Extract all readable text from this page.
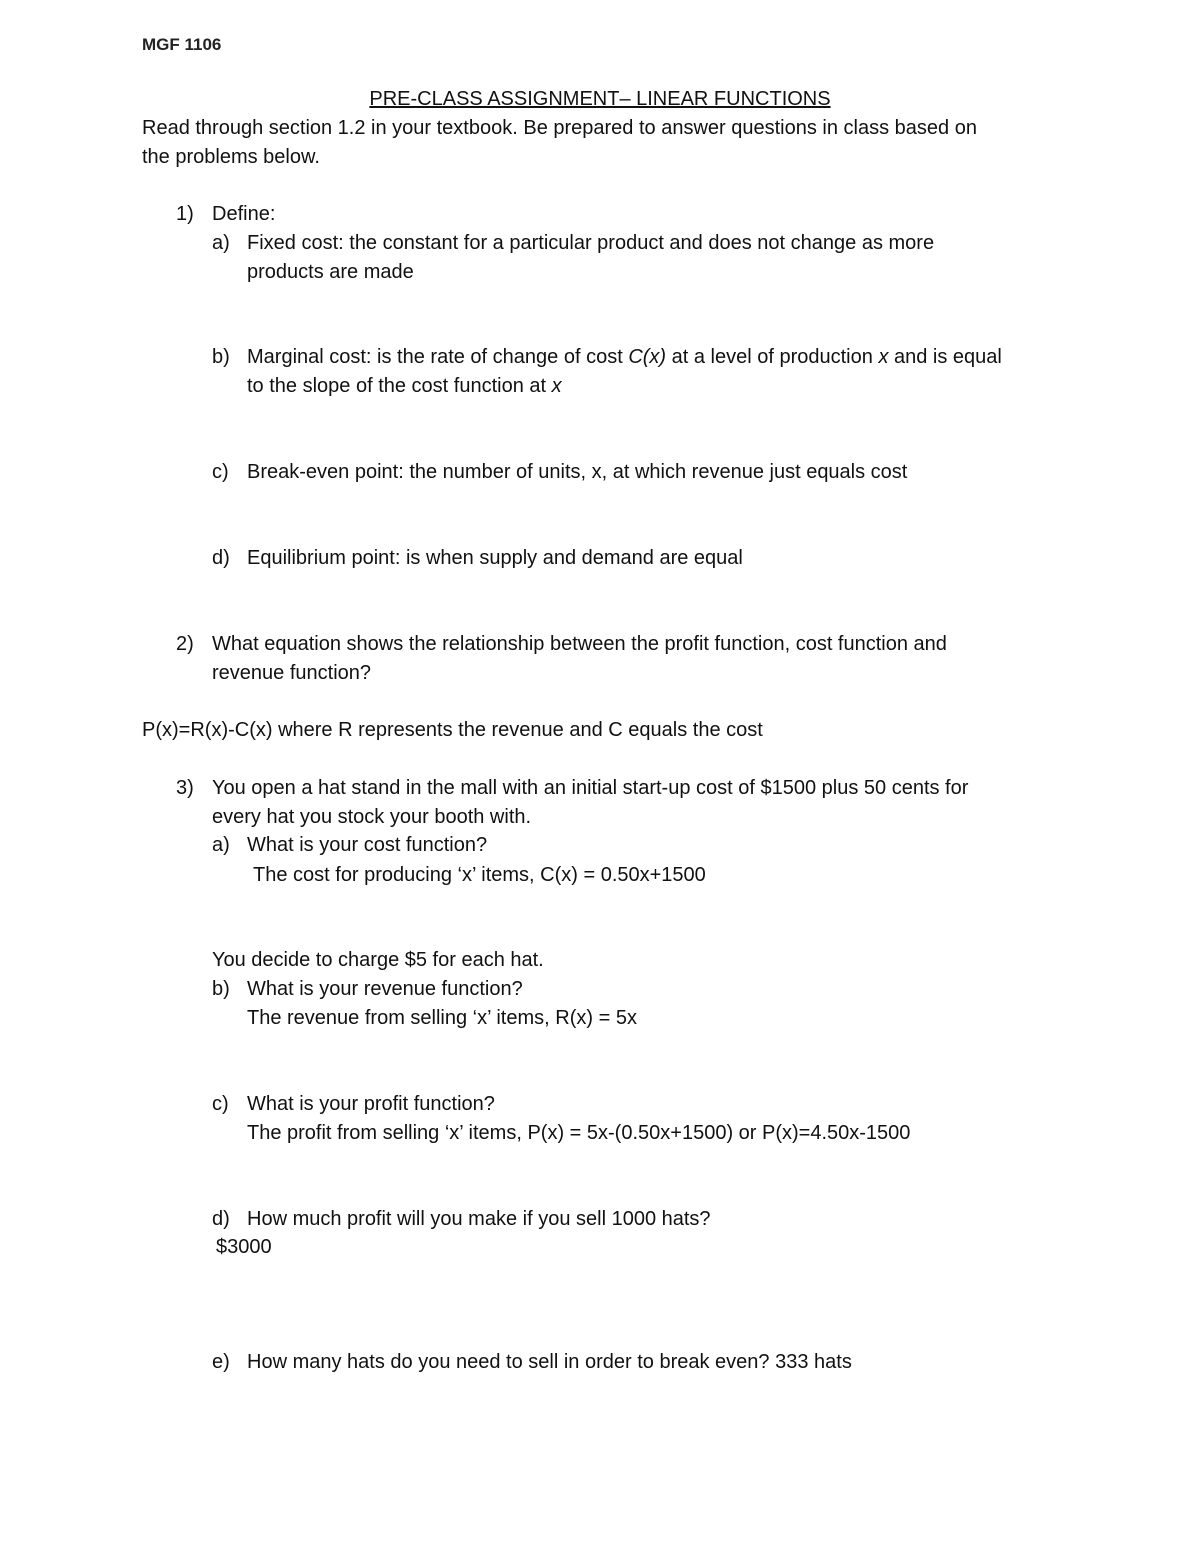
MGF 1106
PRE-CLASS ASSIGNMENT– LINEAR FUNCTIONS
Read through section 1.2 in your textbook. Be prepared to answer questions in class based on
the problems below.
1) Define:
a) Fixed cost: the constant for a particular product and does not change as more
products are made
b) Marginal cost: is the rate of change of cost C(x) at a level of production x and is equal
to the slope of the cost function at x
c) Break-even point: the number of units, x, at which revenue just equals cost
d) Equilibrium point: is when supply and demand are equal
2) What equation shows the relationship between the profit function, cost function and
revenue function?
P(x)=R(x)-C(x) where R represents the revenue and C equals the cost
3) You open a hat stand in the mall with an initial start-up cost of $1500 plus 50 cents for
every hat you stock your booth with.
a) What is your cost function?
The cost for producing ‘x’ items, C(x) = 0.50x+1500
You decide to charge $5 for each hat.
b) What is your revenue function?
The revenue from selling ‘x’ items, R(x) = 5x
c) What is your profit function?
The profit from selling ‘x’ items, P(x) = 5x-(0.50x+1500) or P(x)=4.50x-1500
d) How much profit will you make if you sell 1000 hats?
$3000
e) How many hats do you need to sell in order to break even? 333 hats
